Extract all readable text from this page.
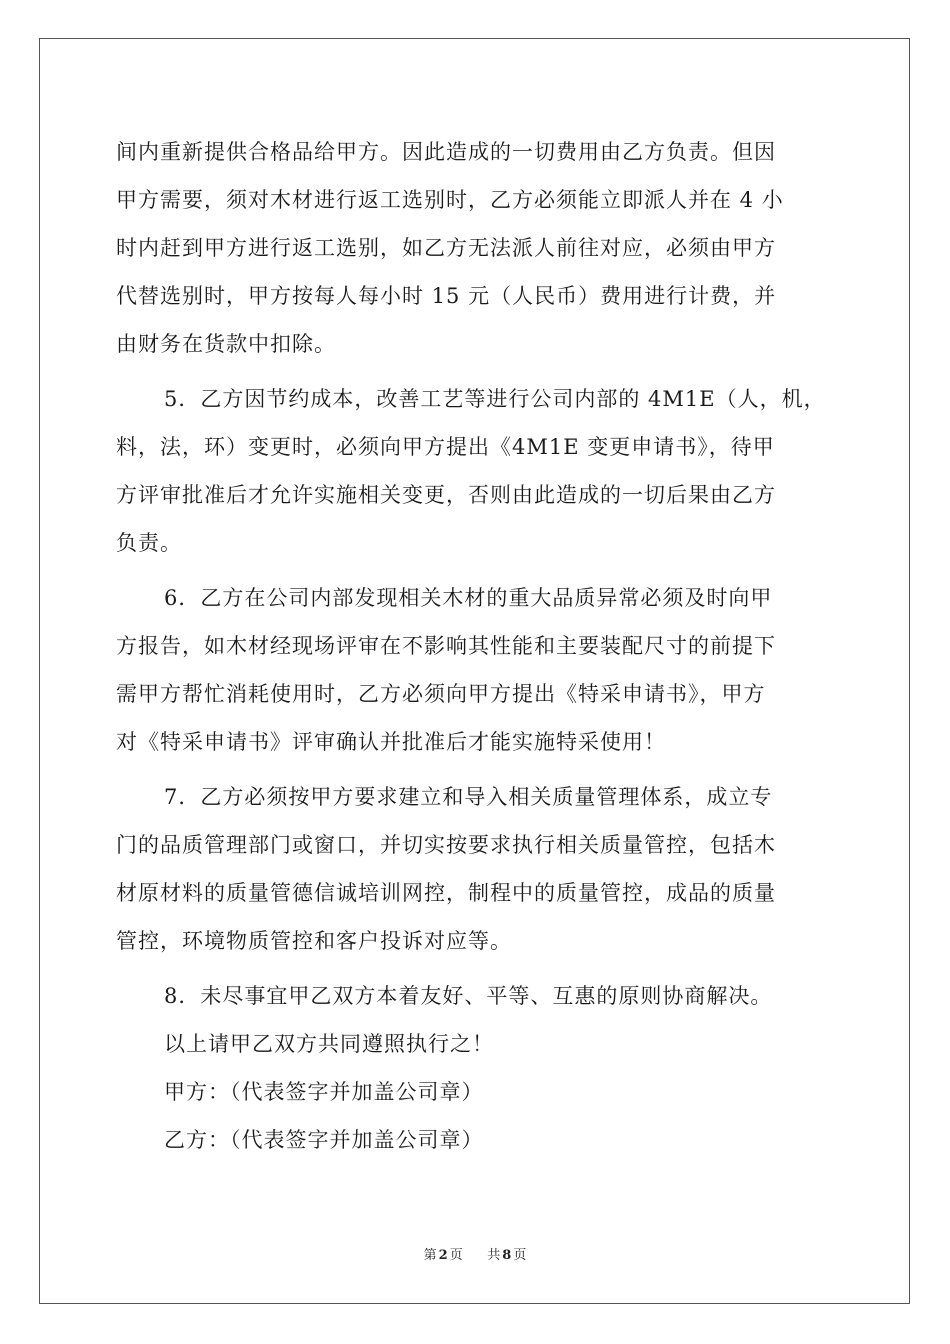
间内重新提供合格品给甲方。因此造成的一切费用由乙方负责。但因
甲方需要，须对木材进行返工选别时，乙方必须能立即派人并在 4 小
时内赶到甲方进行返工选别，如乙方无法派人前往对应，必须由甲方
代替选别时，甲方按每人每小时 15 元（人民币）费用进行计费，并
由财务在货款中扣除。
5．乙方因节约成本，改善工艺等进行公司内部的 4M1E（人，机，
料，法，环）变更时，必须向甲方提出《4M1E 变更申请书》，待甲
方评审批准后才允许实施相关变更，否则由此造成的一切后果由乙方
负责。
6．乙方在公司内部发现相关木材的重大品质异常必须及时向甲
方报告，如木材经现场评审在不影响其性能和主要装配尺寸的前提下
需甲方帮忙消耗使用时，乙方必须向甲方提出《特采申请书》，甲方
对《特采申请书》评审确认并批准后才能实施特采使用！
7．乙方必须按甲方要求建立和导入相关质量管理体系，成立专
门的品质管理部门或窗口，并切实按要求执行相关质量管控，包括木
材原材料的质量管德信诚培训网控，制程中的质量管控，成品的质量
管控，环境物质管控和客户投诉对应等。
8．未尽事宜甲乙双方本着友好、平等、互惠的原则协商解决。
以上请甲乙双方共同遵照执行之！
甲方：（代表签字并加盖公司章）
乙方：（代表签字并加盖公司章）
第 2 页 共 8 页
